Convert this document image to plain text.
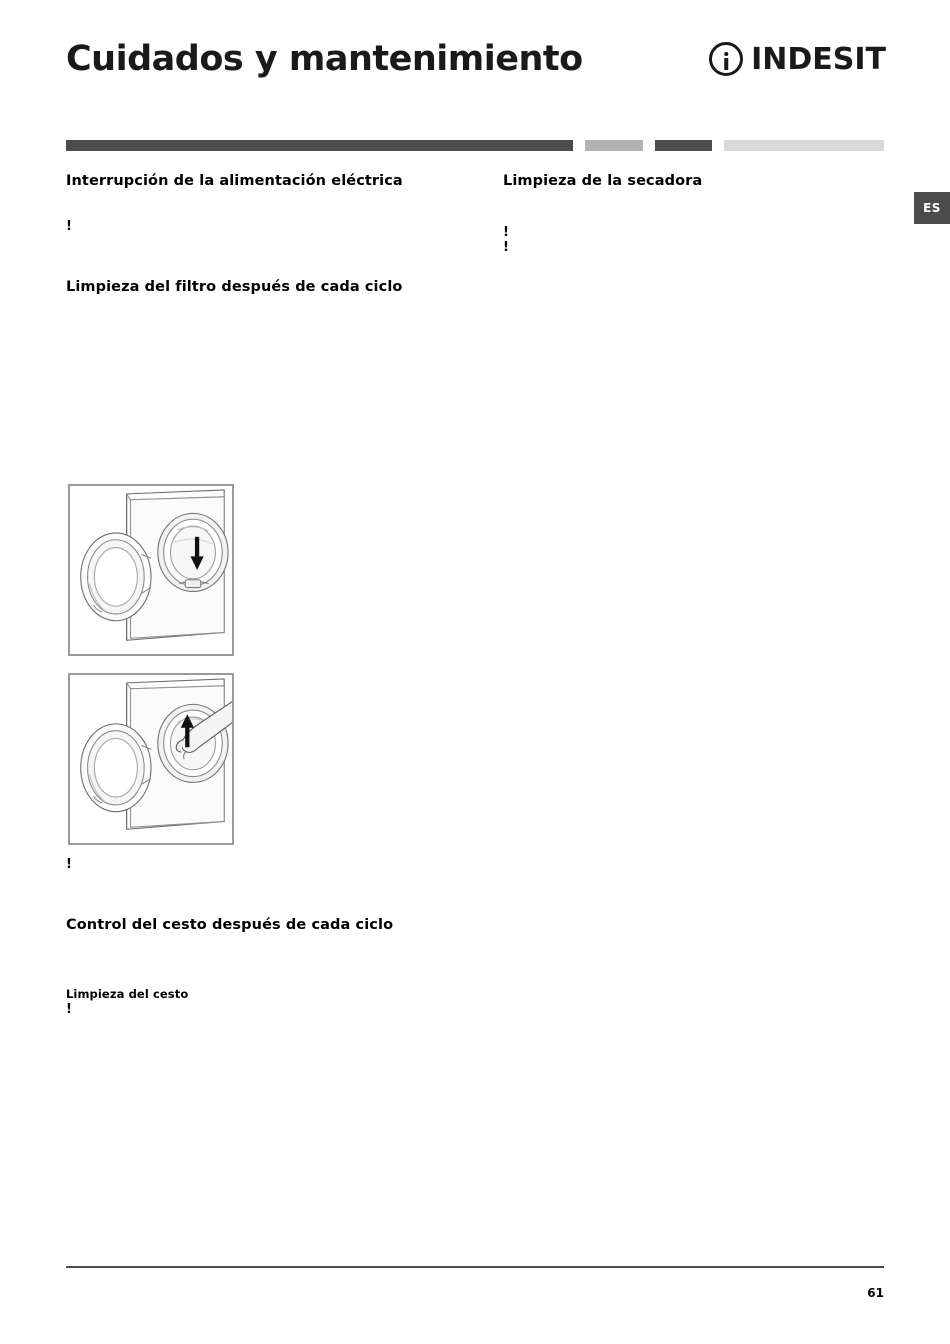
Cuidados y mantenimiento	INDESIT
ES
Interrupción de la alimentación eléctrica

!

Limpieza del filtro después de cada ciclo

!

Control del cesto después de cada ciclo
Limpieza del cesto

!

Limpieza de la secadora

!

!

61
